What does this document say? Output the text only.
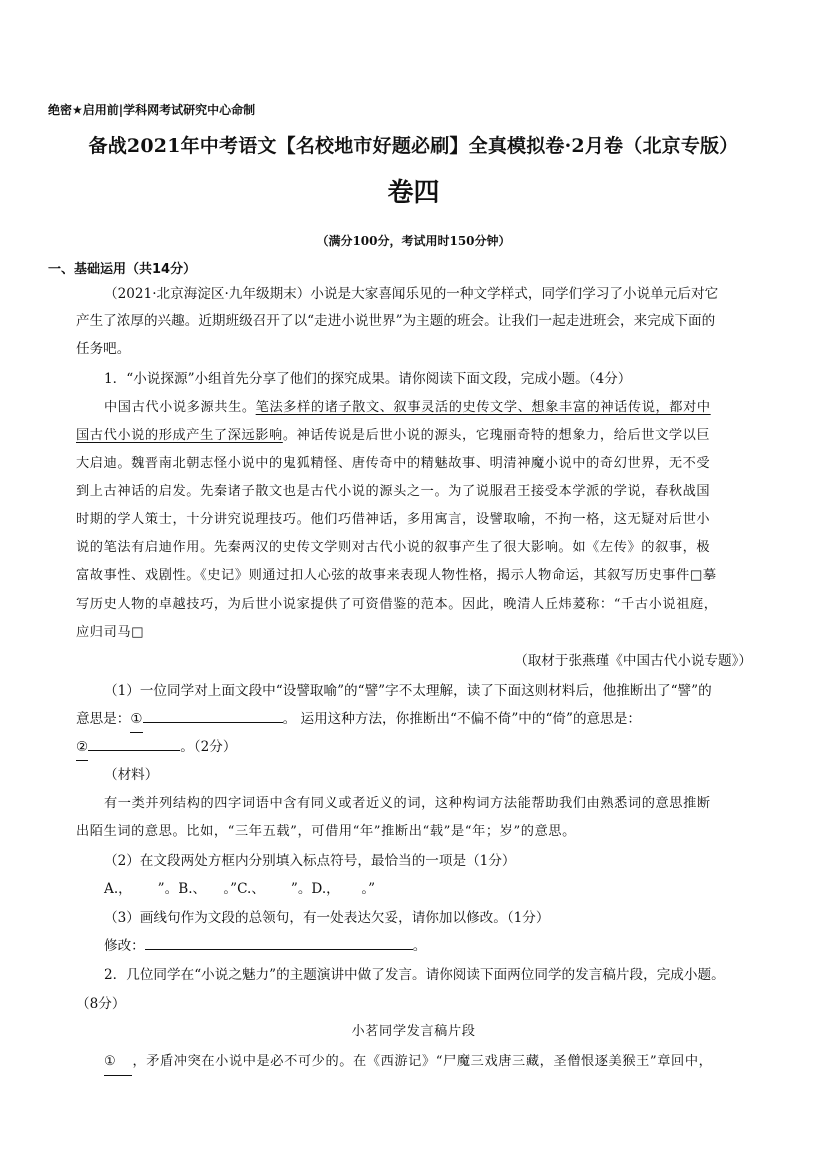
绝密★启用前|学科网考试研究中心命制
备战2021年中考语文【名校地市好题必刷】全真模拟卷·2月卷（北京专版）
卷四
（满分100分，考试用时150分钟）
一、基础运用（共14分）
（2021·北京海淀区·九年级期末）小说是大家喜闻乐见的一种文学样式，同学们学习了小说单元后对它
产生了浓厚的兴趣。近期班级召开了以“走进小说世界”为主题的班会。让我们一起走进班会，来完成下面的
任务吧。
1．“小说探源”小组首先分享了他们的探究成果。请你阅读下面文段，完成小题。（4分）
中国古代小说多源共生。笔法多样的诸子散文、叙事灵活的史传文学、想象丰富的神话传说，都对中
国古代小说的形成产生了深远影响。神话传说是后世小说的源头，它瑰丽奇特的想象力，给后世文学以巨
大启迪。魏晋南北朝志怪小说中的鬼狐精怪、唐传奇中的精魅故事、明清神魔小说中的奇幻世界，无不受
到上古神话的启发。先秦诸子散文也是古代小说的源头之一。为了说服君王接受本学派的学说，春秋战国
时期的学人策士，十分讲究说理技巧。他们巧借神话，多用寓言，设譬取喻，不拘一格，这无疑对后世小
说的笔法有启迪作用。先秦两汉的史传文学则对古代小说的叙事产生了很大影响。如《左传》的叙事，极
富故事性、戏剧性。《史记》则通过扣人心弦的故事来表现人物性格，揭示人物命运，其叙写历史事件□摹
写历史人物的卓越技巧，为后世小说家提供了可资借鉴的范本。因此，晚清人丘炜萲称：“千古小说祖庭，
应归司马□
（取材于张燕瑾《中国古代小说专题》）
（1）一位同学对上面文段中“设譬取喻”的“譬”字不太理解，读了下面这则材料后，他推断出了“譬”的
意思是：①	。 运用这种方法，你推断出“不偏不倚”中的“倚”的意思是：
②	。（2分）
（材料）
有一类并列结构的四字词语中含有同义或者近义的词，这种构词方法能帮助我们由熟悉词的意思推断
出陌生词的意思。比如，“三年五载”，可借用“年”推断出“载”是“年；岁”的意思。
（2）在文段两处方框内分别填入标点符号，最恰当的一项是（1分）
A.，      ”。B.、    。”C.、      ”。D.，     。”
（3）画线句作为文段的总领句，有一处表达欠妥，请你加以修改。（1分）
修改：	。
2．几位同学在“小说之魅力”的主题演讲中做了发言。请你阅读下面两位同学的发言稿片段，完成小题。
（8分）
小茗同学发言稿片段
① ，矛盾冲突在小说中是必不可少的。在《西游记》“尸魔三戏唐三藏，圣僧恨逐美猴王”章回中，
